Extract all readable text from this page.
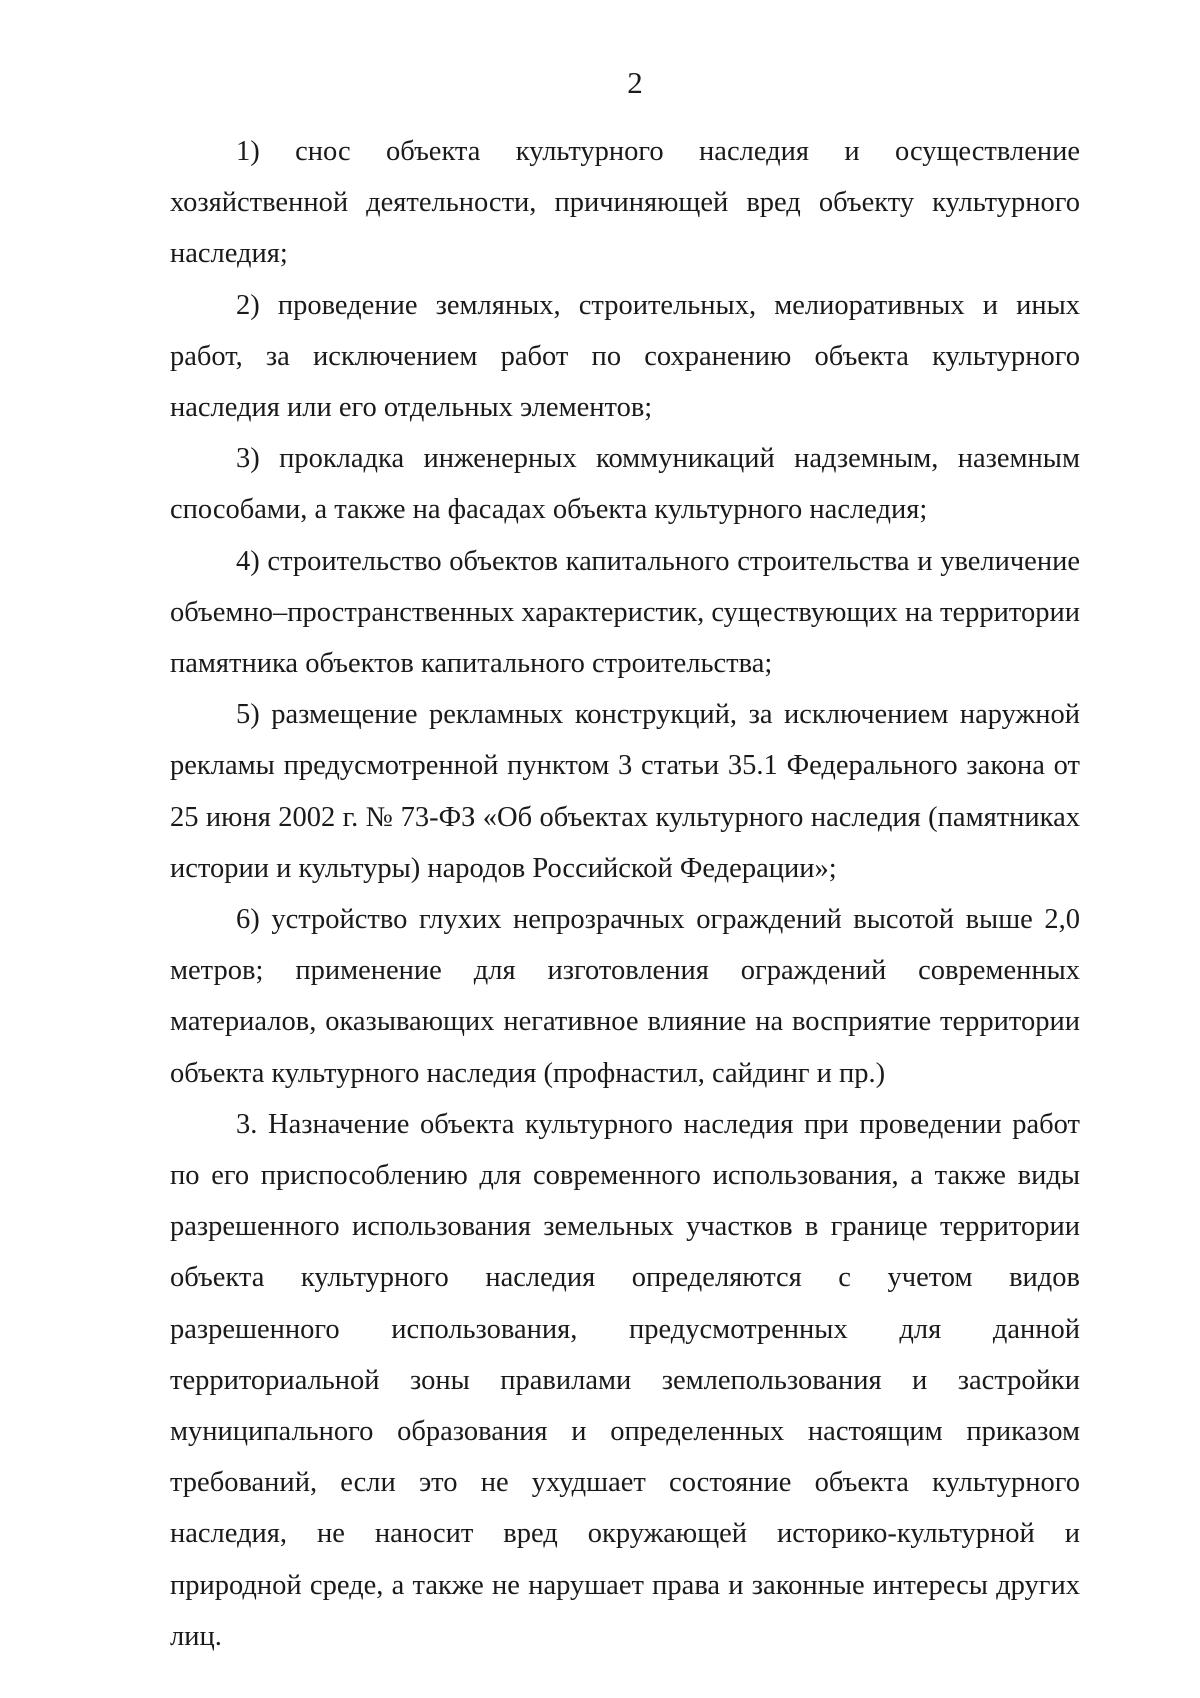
2

1) снос объекта культурного наследия и осуществление хозяйственной деятельности, причиняющей вред объекту культурного наследия;

2) проведение земляных, строительных, мелиоративных и иных работ, за исключением работ по сохранению объекта культурного наследия или его отдельных элементов;

3) прокладка инженерных коммуникаций надземным, наземным способами, а также на фасадах объекта культурного наследия;

4) строительство объектов капитального строительства и увеличение объемно–пространственных характеристик, существующих на территории памятника объектов капитального строительства;

5) размещение рекламных конструкций, за исключением наружной рекламы предусмотренной пунктом 3 статьи 35.1 Федерального закона от 25 июня 2002 г. № 73-ФЗ «Об объектах культурного наследия (памятниках истории и культуры) народов Российской Федерации»;

6) устройство глухих непрозрачных ограждений высотой выше 2,0 метров; применение для изготовления ограждений современных материалов, оказывающих негативное влияние на восприятие территории объекта культурного наследия (профнастил, сайдинг и пр.)

3. Назначение объекта культурного наследия при проведении работ по его приспособлению для современного использования, а также виды разрешенного использования земельных участков в границе территории объекта культурного наследия определяются с учетом видов разрешенного использования, предусмотренных для данной территориальной зоны правилами землепользования и застройки муниципального образования и определенных настоящим приказом требований, если это не ухудшает состояние объекта культурного наследия, не наносит вред окружающей историко-культурной и природной среде, а также не нарушает права и законные интересы других лиц.
